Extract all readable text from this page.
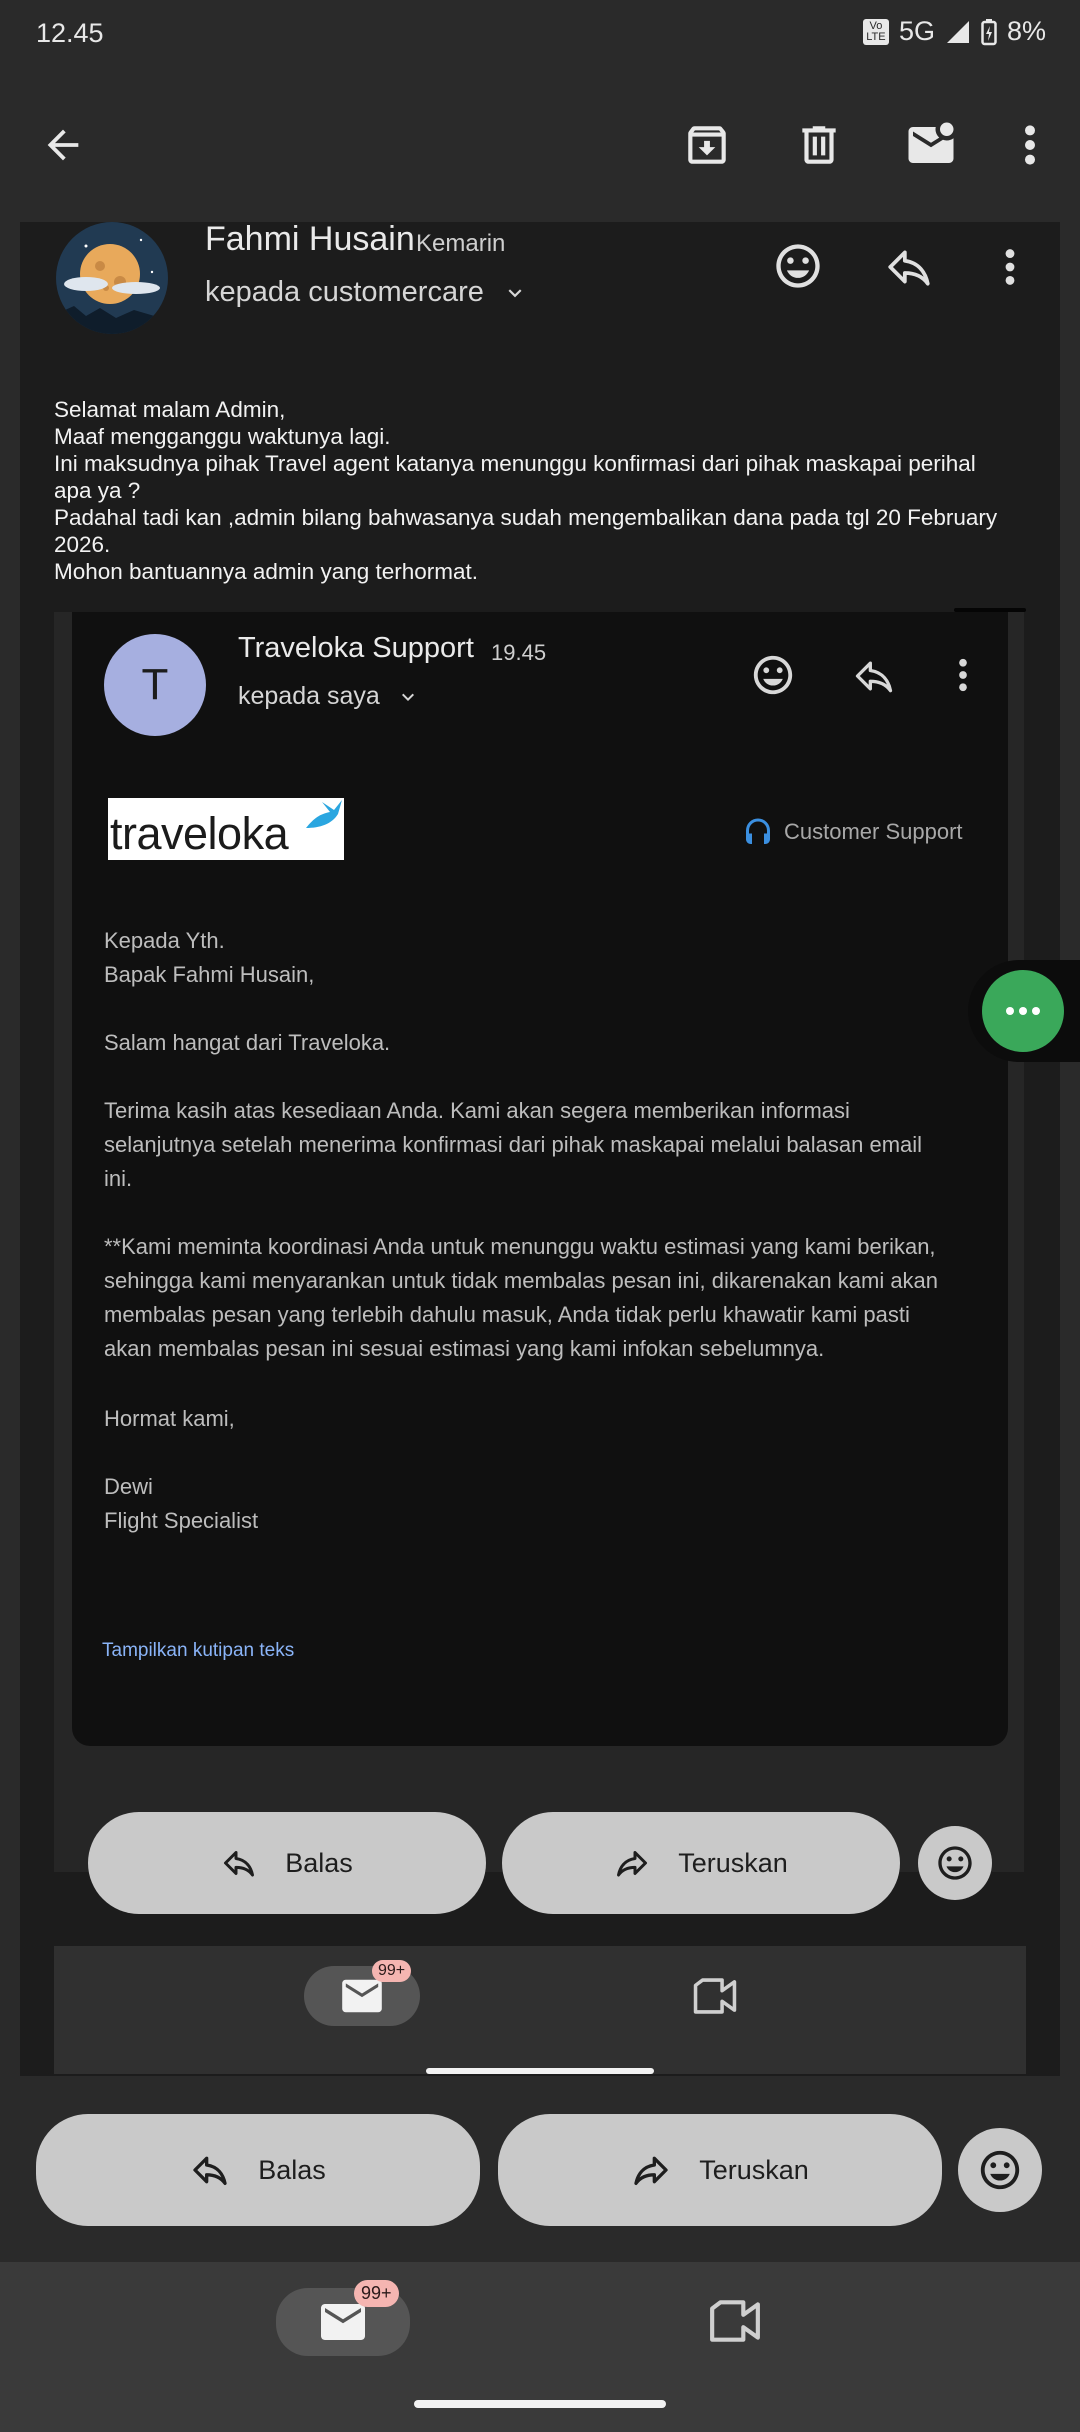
12.45	Vo LTE 5G	8%
Fahmi Husain Kemarin
kepada customercare
Selamat malam Admin,
Maaf mengganggu waktunya lagi.
Ini maksudnya pihak Travel agent katanya menunggu konfirmasi dari pihak maskapai perihal
apa ya ?
Padahal tadi kan ,admin bilang bahwasanya sudah mengembalikan dana pada tgl 20 February
2026.
Mohon bantuannya admin yang terhormat.
T
Traveloka Support 19.45
kepada saya
traveloka	Customer Support
Kepada Yth.
Bapak Fahmi Husain,
Salam hangat dari Traveloka.
Terima kasih atas kesediaan Anda. Kami akan segera memberikan informasi
selanjutnya setelah menerima konfirmasi dari pihak maskapai melalui balasan email
ini.
**Kami meminta koordinasi Anda untuk menunggu waktu estimasi yang kami berikan,
sehingga kami menyarankan untuk tidak membalas pesan ini, dikarenakan kami akan
membalas pesan yang terlebih dahulu masuk, Anda tidak perlu khawatir kami pasti
akan membalas pesan ini sesuai estimasi yang kami infokan sebelumnya.
Hormat kami,
Dewi
Flight Specialist
Tampilkan kutipan teks
Balas	Teruskan
99+
Balas	Teruskan
99+
